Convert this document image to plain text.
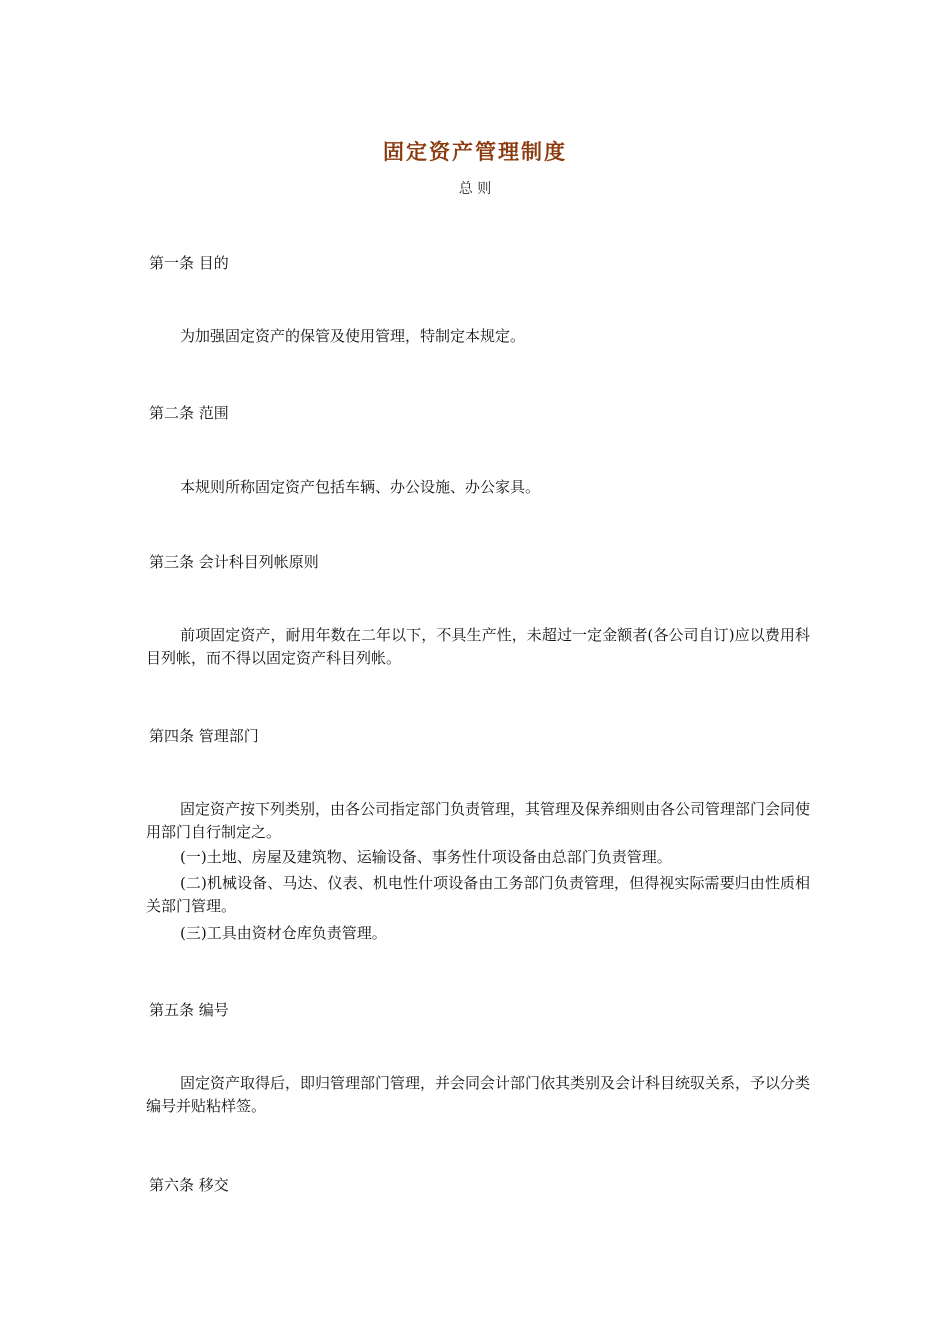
固定资产管理制度
总 则
第一条 目的

为加强固定资产的保管及使用管理，特制定本规定。

第二条 范围

本规则所称固定资产包括车辆、办公设施、办公家具。

第三条 会计科目列帐原则

前项固定资产，耐用年数在二年以下，不具生产性，未超过一定金额者(各公司自订)应以费用科目列帐，而不得以固定资产科目列帐。

第四条 管理部门

固定资产按下列类别，由各公司指定部门负责管理，其管理及保养细则由各公司管理部门会同使用部门自行制定之。

(一)土地、房屋及建筑物、运输设备、事务性什项设备由总部门负责管理。

(二)机械设备、马达、仪表、机电性什项设备由工务部门负责管理，但得视实际需要归由性质相关部门管理。

(三)工具由资材仓库负责管理。

第五条 编号

固定资产取得后，即归管理部门管理，并会同会计部门依其类别及会计科目统驭关系，予以分类编号并贴粘样签。

第六条 移交
